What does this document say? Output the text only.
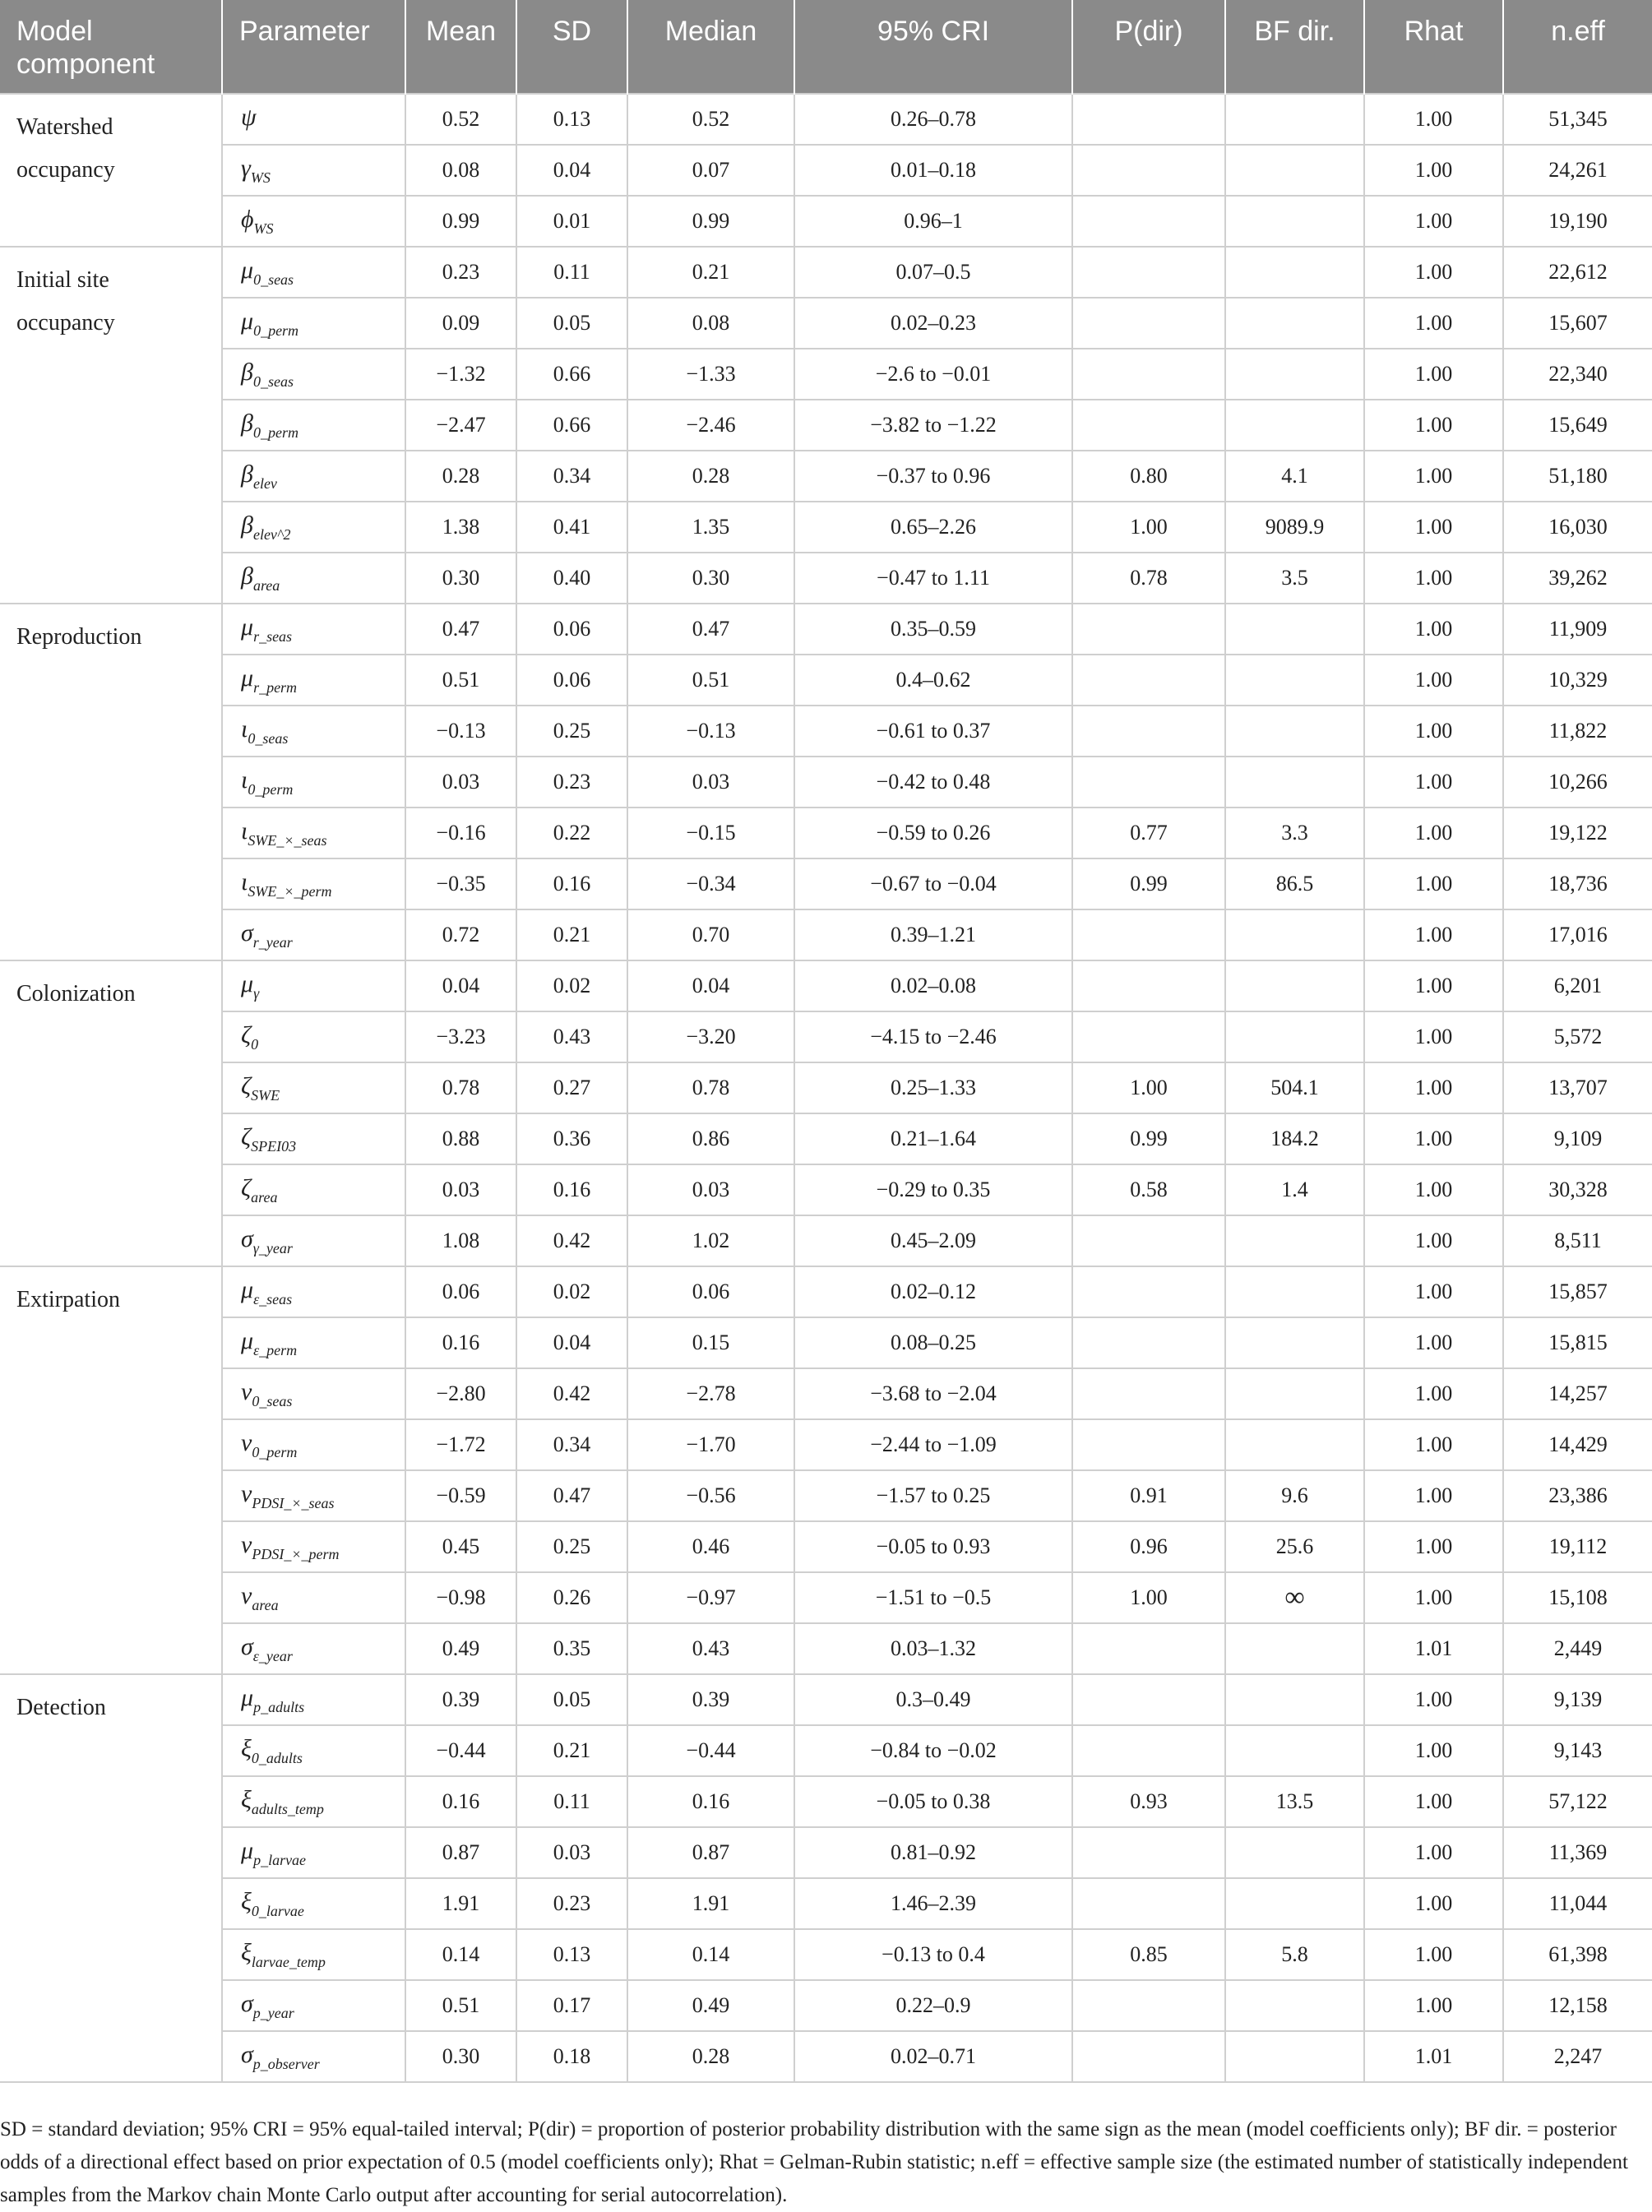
Model component	Parameter	Mean	SD	Median	95% CRI	P(dir)	BF dir.	Rhat	n.eff
Watershed occupancy	ψ	0.52	0.13	0.52	0.26–0.78			1.00	51,345
	$\gamma_{WS}$	0.08	0.04	0.07	0.01–0.18			1.00	24,261
	$\phi_{WS}$	0.99	0.01	0.99	0.96–1			1.00	19,190
Initial site occupancy	$\mu_{0\_seas}$	0.23	0.11	0.21	0.07–0.5			1.00	22,612
	$\mu_{0\_perm}$	0.09	0.05	0.08	0.02–0.23			1.00	15,607
	$\beta_{0\_seas}$	−1.32	0.66	−1.33	−2.6 to −0.01			1.00	22,340
	$\beta_{0\_perm}$	−2.47	0.66	−2.46	−3.82 to −1.22			1.00	15,649
	$\beta_{elev}$	0.28	0.34	0.28	−0.37 to 0.96	0.80	4.1	1.00	51,180
	$\beta_{elev\^{}2}$	1.38	0.41	1.35	0.65–2.26	1.00	9089.9	1.00	16,030
	$\beta_{area}$	0.30	0.40	0.30	−0.47 to 1.11	0.78	3.5	1.00	39,262
Reproduction	$\mu_{r\_seas}$	0.47	0.06	0.47	0.35–0.59			1.00	11,909
	$\mu_{r\_perm}$	0.51	0.06	0.51	0.4–0.62			1.00	10,329
	$\iota_{0\_seas}$	−0.13	0.25	−0.13	−0.61 to 0.37			1.00	11,822
	$\iota_{0\_perm}$	0.03	0.23	0.03	−0.42 to 0.48			1.00	10,266
	$\iota_{SWE\_\times\_seas}$	−0.16	0.22	−0.15	−0.59 to 0.26	0.77	3.3	1.00	19,122
	$\iota_{SWE\_\times\_perm}$	−0.35	0.16	−0.34	−0.67 to −0.04	0.99	86.5	1.00	18,736
	$\sigma_{r\_year}$	0.72	0.21	0.70	0.39–1.21			1.00	17,016
Colonization	$\mu_\gamma$	0.04	0.02	0.04	0.02–0.08			1.00	6,201
	$\zeta_0$	−3.23	0.43	−3.20	−4.15 to −2.46			1.00	5,572
	$\zeta_{SWE}$	0.78	0.27	0.78	0.25–1.33	1.00	504.1	1.00	13,707
	$\zeta_{SPEI03}$	0.88	0.36	0.86	0.21–1.64	0.99	184.2	1.00	9,109
	$\zeta_{area}$	0.03	0.16	0.03	−0.29 to 0.35	0.58	1.4	1.00	30,328
	$\sigma_{\gamma\_year}$	1.08	0.42	1.02	0.45–2.09			1.00	8,511
Extirpation	$\mu_{\varepsilon\_seas}$	0.06	0.02	0.06	0.02–0.12			1.00	15,857
	$\mu_{\varepsilon\_perm}$	0.16	0.04	0.15	0.08–0.25			1.00	15,815
	$\nu_{0\_seas}$	−2.80	0.42	−2.78	−3.68 to −2.04			1.00	14,257
	$\nu_{0\_perm}$	−1.72	0.34	−1.70	−2.44 to −1.09			1.00	14,429
	$\nu_{PDSI\_\times\_seas}$	−0.59	0.47	−0.56	−1.57 to 0.25	0.91	9.6	1.00	23,386
	$\nu_{PDSI\_\times\_perm}$	0.45	0.25	0.46	−0.05 to 0.93	0.96	25.6	1.00	19,112
	$\nu_{area}$	−0.98	0.26	−0.97	−1.51 to −0.5	1.00	∞	1.00	15,108
	$\sigma_{\varepsilon\_year}$	0.49	0.35	0.43	0.03–1.32			1.01	2,449
Detection	$\mu_{p\_adults}$	0.39	0.05	0.39	0.3–0.49			1.00	9,139
	$\xi_{0\_adults}$	−0.44	0.21	−0.44	−0.84 to −0.02			1.00	9,143
	$\xi_{adults\_temp}$	0.16	0.11	0.16	−0.05 to 0.38	0.93	13.5	1.00	57,122
	$\mu_{p\_larvae}$	0.87	0.03	0.87	0.81–0.92			1.00	11,369
	$\xi_{0\_larvae}$	1.91	0.23	1.91	1.46–2.39			1.00	11,044
	$\xi_{larvae\_temp}$	0.14	0.13	0.14	−0.13 to 0.4	0.85	5.8	1.00	61,398
	$\sigma_{p\_year}$	0.51	0.17	0.49	0.22–0.9			1.00	12,158
	$\sigma_{p\_observer}$	0.30	0.18	0.28	0.02–0.71			1.01	2,247
SD = standard deviation; 95% CRI = 95% equal-tailed interval; P(dir) = proportion of posterior probability distribution with the same sign as the mean (model coefficients only); BF dir. = posterior odds of a directional effect based on prior expectation of 0.5 (model coefficients only); Rhat = Gelman-Rubin statistic; n.eff = effective sample size (the estimated number of statistically independent samples from the Markov chain Monte Carlo output after accounting for serial autocorrelation).
